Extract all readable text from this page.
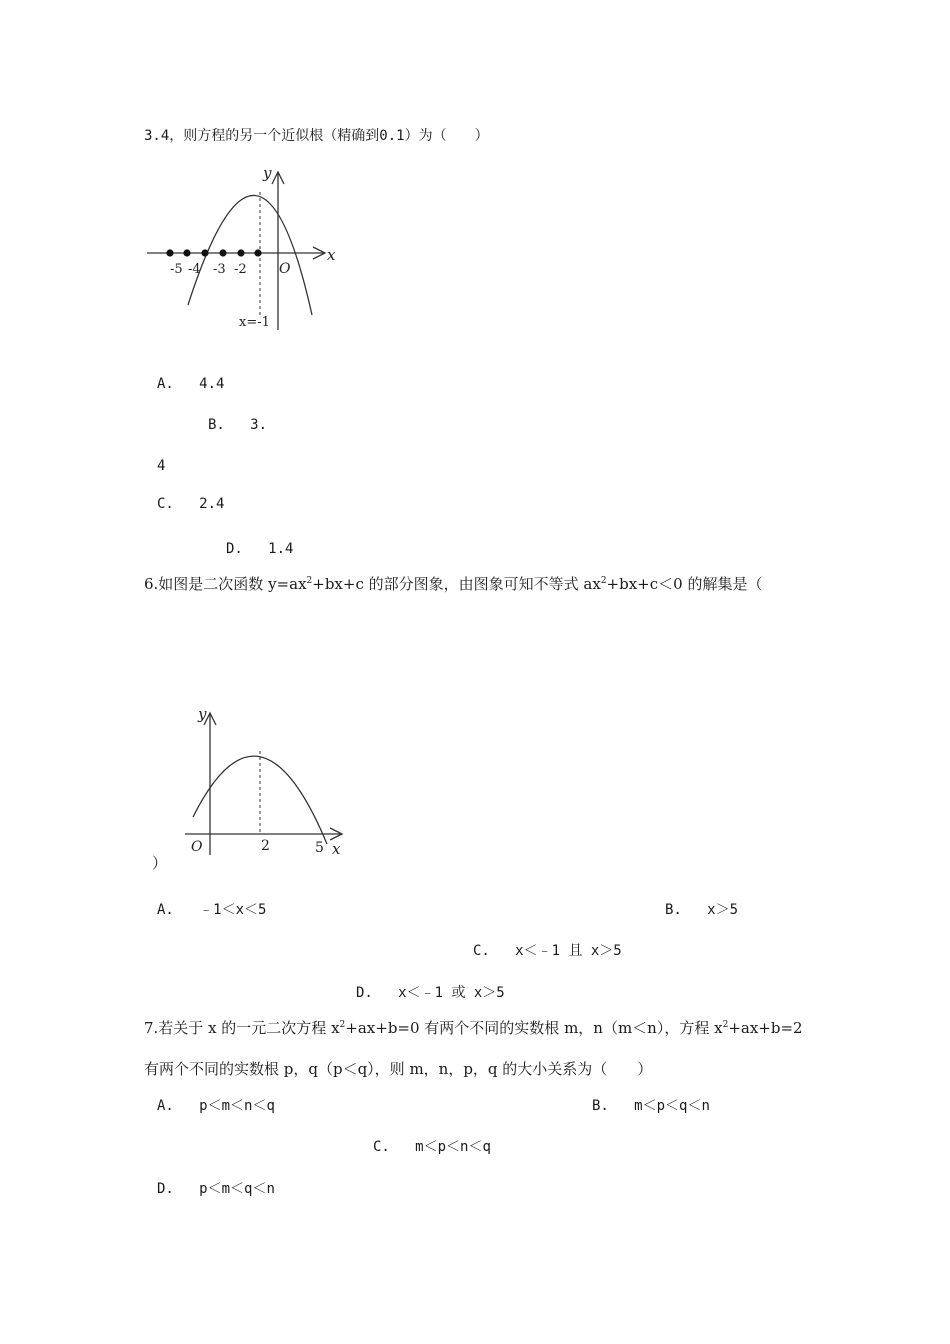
3.4，则方程的另一个近似根（精确到0.1）为（　　）
y
x
O
-5 -4 -3 -2
x=-1
A. 4.4
B. 3.
4
C. 2.4
D. 1.4
6.如图是二次函数 $y=ax^2+bx+c$ 的部分图象，由图象可知不等式 $ax^2+bx+c<0$ 的解集是（
y
x
O	2	5
）
A. ﹣1＜x＜5	B. x＞5
C. x＜﹣1 且 x＞5
D. x＜﹣1 或 x＞5
7.若关于 x 的一元二次方程 $x^2+ax+b=0$ 有两个不同的实数根 m，n（m＜n），方程 $x^2+ax+b=2$
有两个不同的实数根 p，q（p＜q），则 m，n，p，q 的大小关系为（　　）
A. p＜m＜n＜q	B. m＜p＜q＜n
C. m＜p＜n＜q
D. p＜m＜q＜n
